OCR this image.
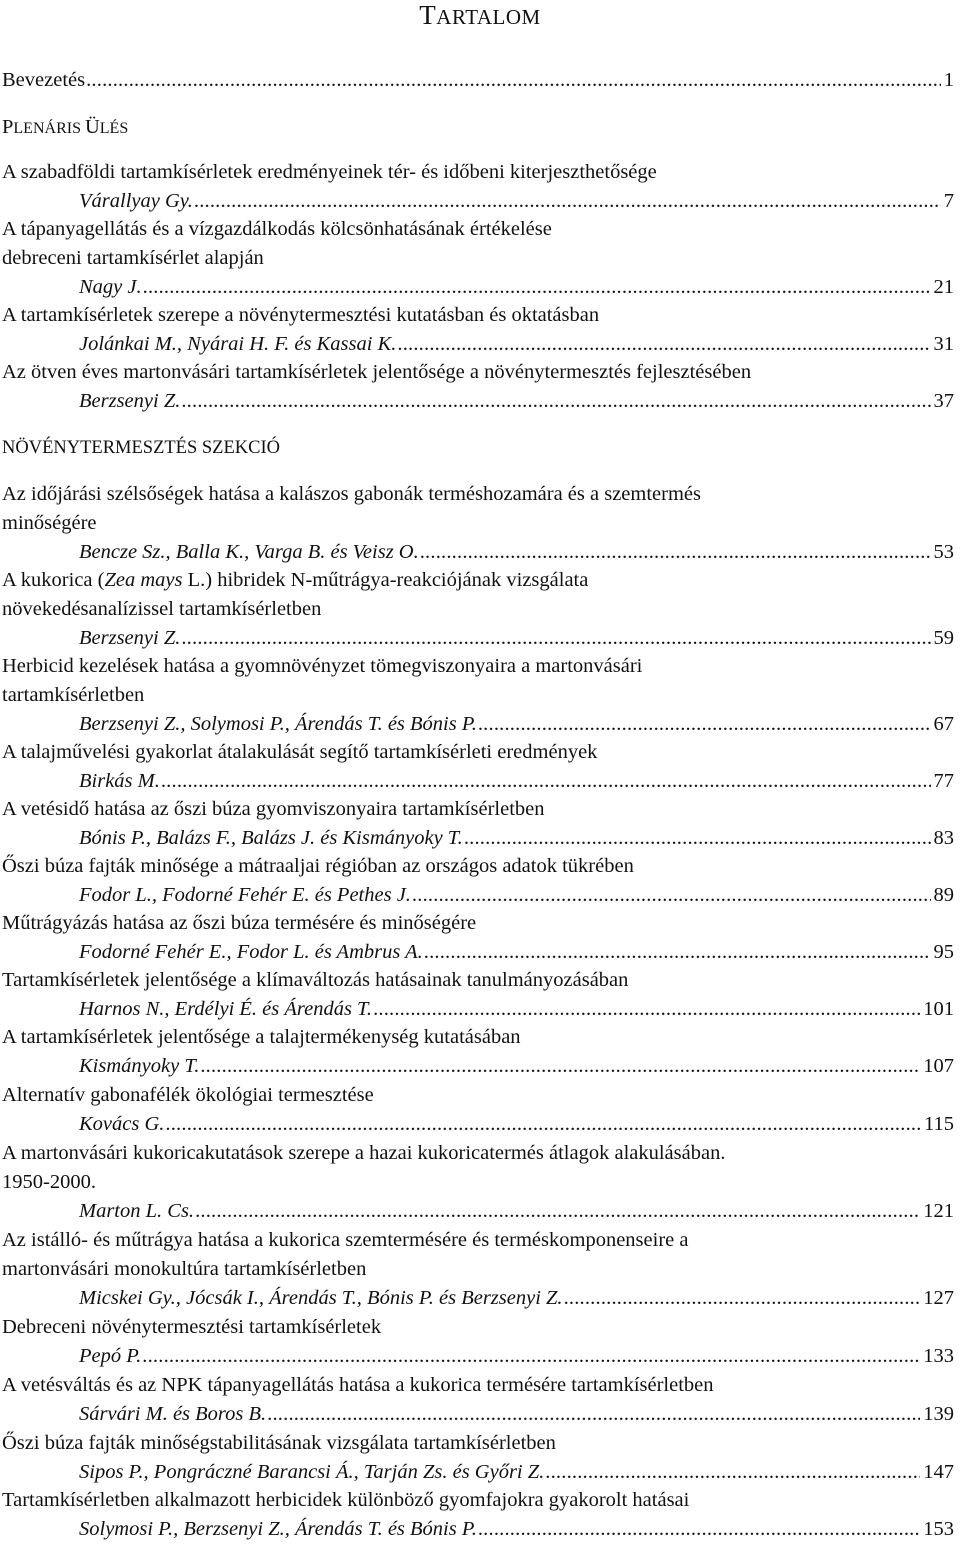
TARTALOM
Bevezetés .....	1
PLENÁRIS ÜLÉS
A szabadföldi tartamkísérletek eredményeinek tér- és időbeni kiterjeszthetősége
Várallyay Gy. .....	7
A tápanyagellátás és a vízgazdálkodás kölcsönhatásának értékelése
debreceni tartamkísérlet alapján
Nagy J. .....	21
A tartamkísérletek szerepe a növénytermesztési kutatásban és oktatásban
Jolánkai M., Nyárai H. F. és Kassai K. .....	31
Az ötven éves martonvásári tartamkísérletek jelentősége a növénytermesztés fejlesztésében
Berzsenyi Z. .....	37
NÖVÉNYTERMESZTÉS SZEKCIÓ
Az időjárási szélsőségek hatása a kalászos gabonák terméshozamára és a szemtermés
minőségére
Bencze Sz., Balla K., Varga B. és Veisz O. .....	53
A kukorica (Zea mays L.) hibridek N-műtrágya-reakciójának vizsgálata
növekedésanalízissel tartamkísérletben
Berzsenyi Z. .....	59
Herbicid kezelések hatása a gyomnövényzet tömegviszonyaira a martonvásári
tartamkísérletben
Berzsenyi Z., Solymosi P., Árendás T. és Bónis P. .....	67
A talajművelési gyakorlat átalakulását segítő tartamkísérleti eredmények
Birkás M. .....	77
A vetésidő hatása az őszi búza gyomviszonyaira tartamkísérletben
Bónis P., Balázs F., Balázs J. és Kismányoky T. .....	83
Őszi búza fajták minősége a mátraaljai régióban az országos adatok tükrében
Fodor L., Fodorné Fehér E. és Pethes J. .....	89
Műtrágyázás hatása az őszi búza termésére és minőségére
Fodorné Fehér E., Fodor L. és Ambrus A. .....	95
Tartamkísérletek jelentősége a klímaváltozás hatásainak tanulmányozásában
Harnos N., Erdélyi É. és Árendás T. .....	101
A tartamkísérletek jelentősége a talajtermékenység kutatásában
Kismányoky T. .....	107
Alternatív gabonafélék ökológiai termesztése
Kovács G. .....	115
A martonvásári kukoricakutatások szerepe a hazai kukoricatermés átlagok alakulásában.
1950-2000.
Marton L. Cs. .....	121
Az istálló- és műtrágya hatása a kukorica szemtermésére és terméskomponenseire a
martonvásári monokultúra tartamkísérletben
Micskei Gy., Jócsák I., Árendás T., Bónis P. és Berzsenyi Z. .....	127
Debreceni növénytermesztési tartamkísérletek
Pepó P. .....	133
A vetésváltás és az NPK tápanyagellátás hatása a kukorica termésére tartamkísérletben
Sárvári M. és Boros B. .....	139
Őszi búza fajták minőségstabilitásának vizsgálata tartamkísérletben
Sipos P., Pongráczné Barancsi Á., Tarján Zs. és Győri Z. .....	147
Tartamkísérletben alkalmazott herbicidek különböző gyomfajokra gyakorolt hatásai
Solymosi P., Berzsenyi Z., Árendás T. és Bónis P. .....	153
